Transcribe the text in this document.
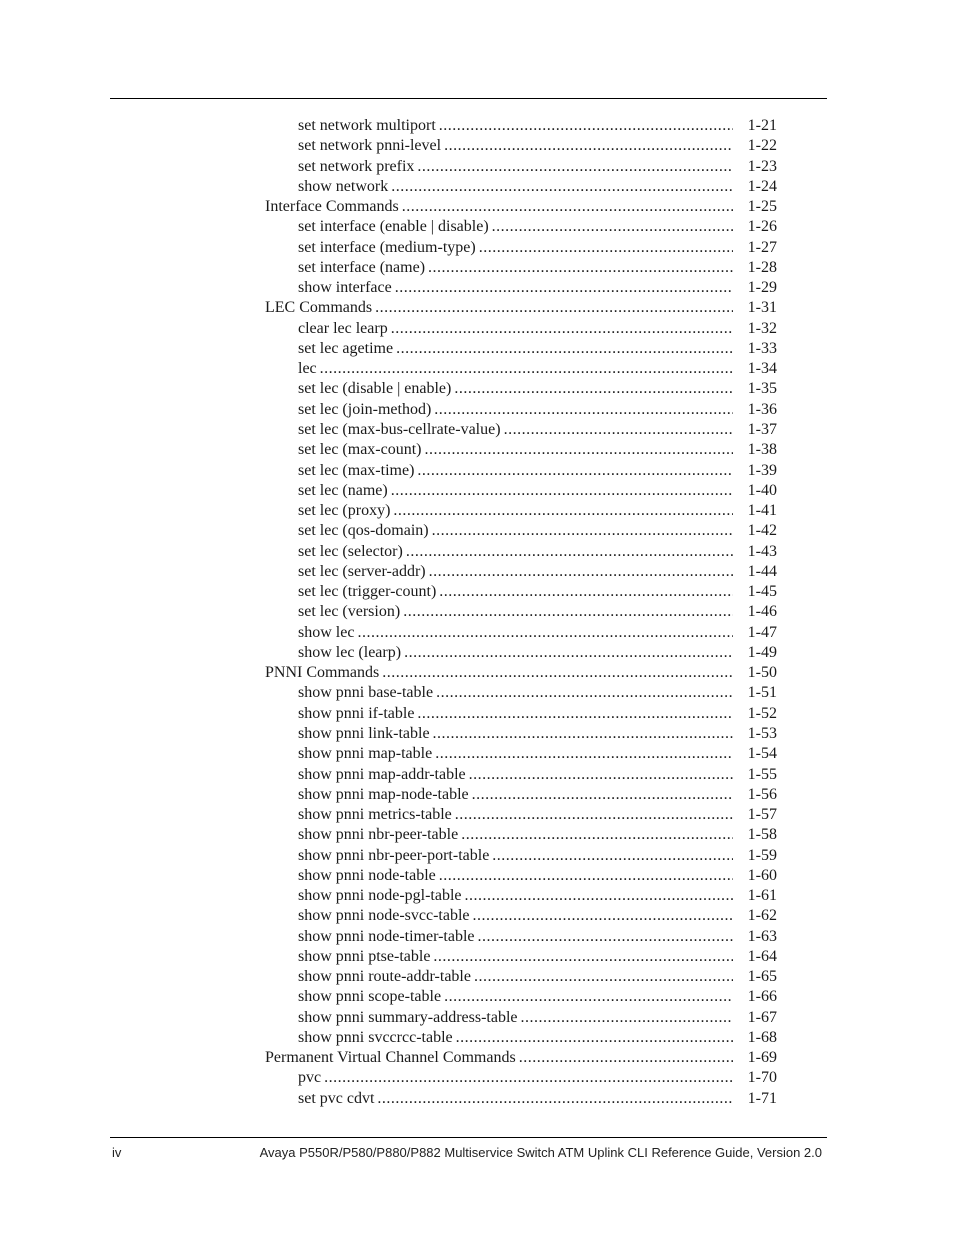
set network multiport .....	1-21
set network pnni-level .....	1-22
set network prefix .....	1-23
show network .....	1-24
Interface Commands .....	1-25
set interface (enable | disable) .....	1-26
set interface (medium-type) .....	1-27
set interface (name) .....	1-28
show interface .....	1-29
LEC Commands .....	1-31
clear lec learp .....	1-32
set lec agetime .....	1-33
lec .....	1-34
set lec (disable | enable) .....	1-35
set lec (join-method) .....	1-36
set lec (max-bus-cellrate-value) .....	1-37
set lec (max-count) .....	1-38
set lec (max-time) .....	1-39
set lec (name) .....	1-40
set lec (proxy) .....	1-41
set lec (qos-domain) .....	1-42
set lec (selector) .....	1-43
set lec (server-addr) .....	1-44
set lec (trigger-count) .....	1-45
set lec (version) .....	1-46
show lec .....	1-47
show lec (learp) .....	1-49
PNNI Commands .....	1-50
show pnni base-table .....	1-51
show pnni if-table .....	1-52
show pnni link-table .....	1-53
show pnni map-table .....	1-54
show pnni map-addr-table .....	1-55
show pnni map-node-table .....	1-56
show pnni metrics-table .....	1-57
show pnni nbr-peer-table .....	1-58
show pnni nbr-peer-port-table .....	1-59
show pnni node-table .....	1-60
show pnni node-pgl-table .....	1-61
show pnni node-svcc-table .....	1-62
show pnni node-timer-table .....	1-63
show pnni ptse-table .....	1-64
show pnni route-addr-table .....	1-65
show pnni scope-table .....	1-66
show pnni summary-address-table .....	1-67
show pnni svccrcc-table .....	1-68
Permanent Virtual Channel Commands .....	1-69
pvc .....	1-70
set pvc cdvt .....	1-71
iv	Avaya P550R/P580/P880/P882 Multiservice Switch ATM Uplink CLI Reference Guide, Version 2.0
